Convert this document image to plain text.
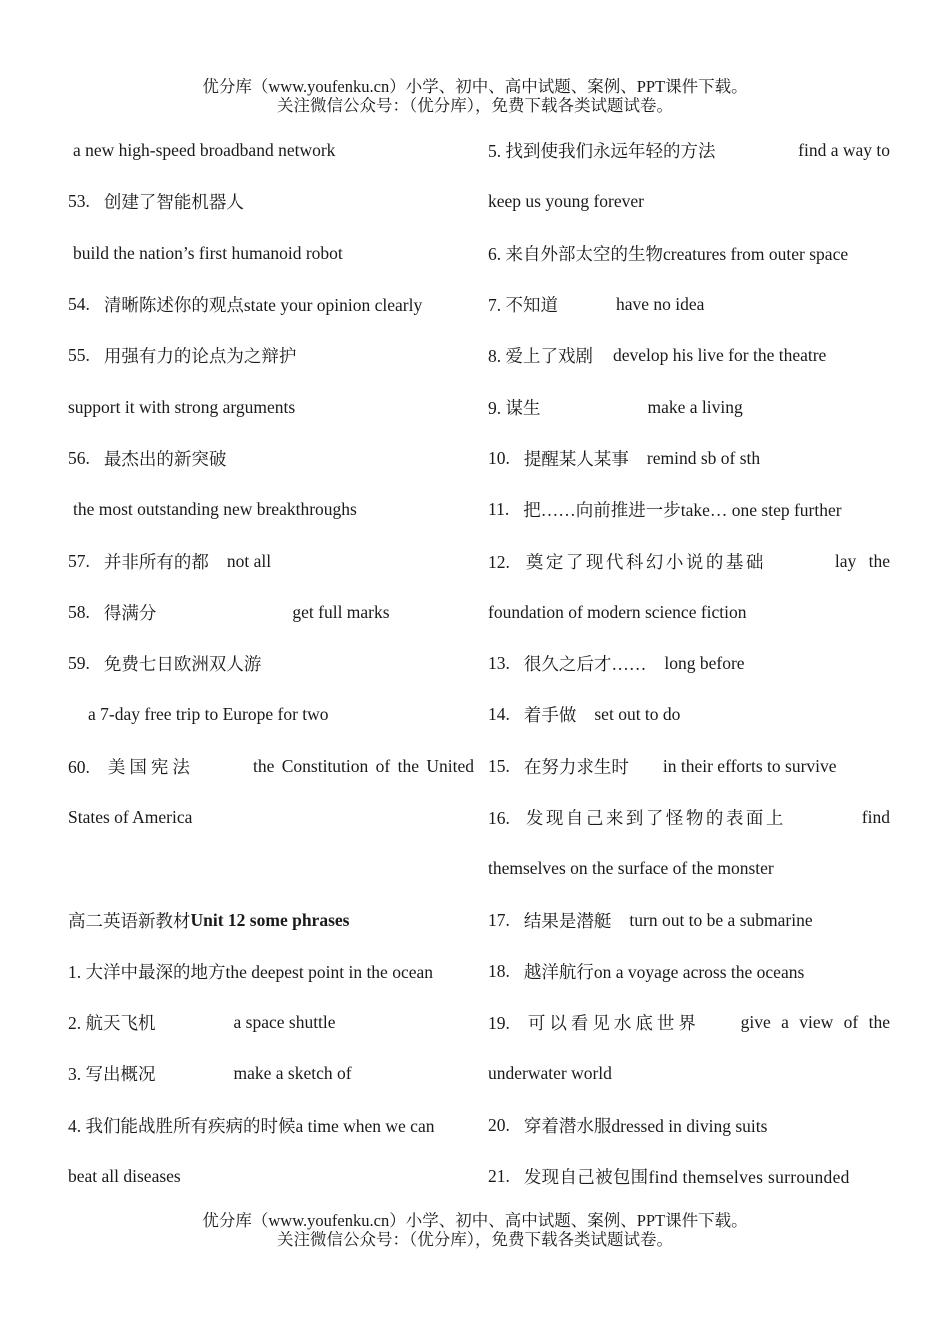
优分库（www.youfenku.cn）小学、初中、高中试题、案例、PPT课件下载。
关注微信公众号：（优分库），免费下载各类试题试卷。
a new high-speed broadband network
53. 创建了智能机器人
build the nation’s first humanoid robot
54. 清晰陈述你的观点state your opinion clearly
55. 用强有力的论点为之辩护
support it with strong arguments
56. 最杰出的新突破
the most outstanding new breakthroughs
57. 并非所有的都 not all
58. 得满分	get full marks
59. 免费七日欧洲双人游
a 7-day free trip to Europe for two
60. 美国宪法	the Constitution of the United
States of America
高二英语新教材 Unit 12 some phrases
1. 大洋中最深的地方the deepest point in the ocean
2. 航天飞机	a space shuttle
3. 写出概况	make a sketch of
4. 我们能战胜所有疾病的时候a time when we can
beat all diseases
5. 找到使我们永远年轻的方法	find a way to
keep us young forever
6. 来自外部太空的生物creatures from outer space
7. 不知道	have no idea
8. 爱上了戏剧 develop his live for the theatre
9. 谋生	make a living
10. 提醒某人某事 remind sb of sth
11. 把……向前推进一步take… one step further
12. 奠定了现代科幻小说的基础	lay the
foundation of modern science fiction
13. 很久之后才…… long before
14. 着手做 set out to do
15. 在努力求生时 in their efforts to survive
16. 发现自己来到了怪物的表面上	find
themselves on the surface of the monster
17. 结果是潜艇 turn out to be a submarine
18. 越洋航行on a voyage across the oceans
19. 可以看见水底世界 give a view of the
underwater world
20. 穿着潜水服dressed in diving suits
21. 发现自己被包围find themselves surrounded
优分库（www.youfenku.cn）小学、初中、高中试题、案例、PPT课件下载。
关注微信公众号：（优分库），免费下载各类试题试卷。
